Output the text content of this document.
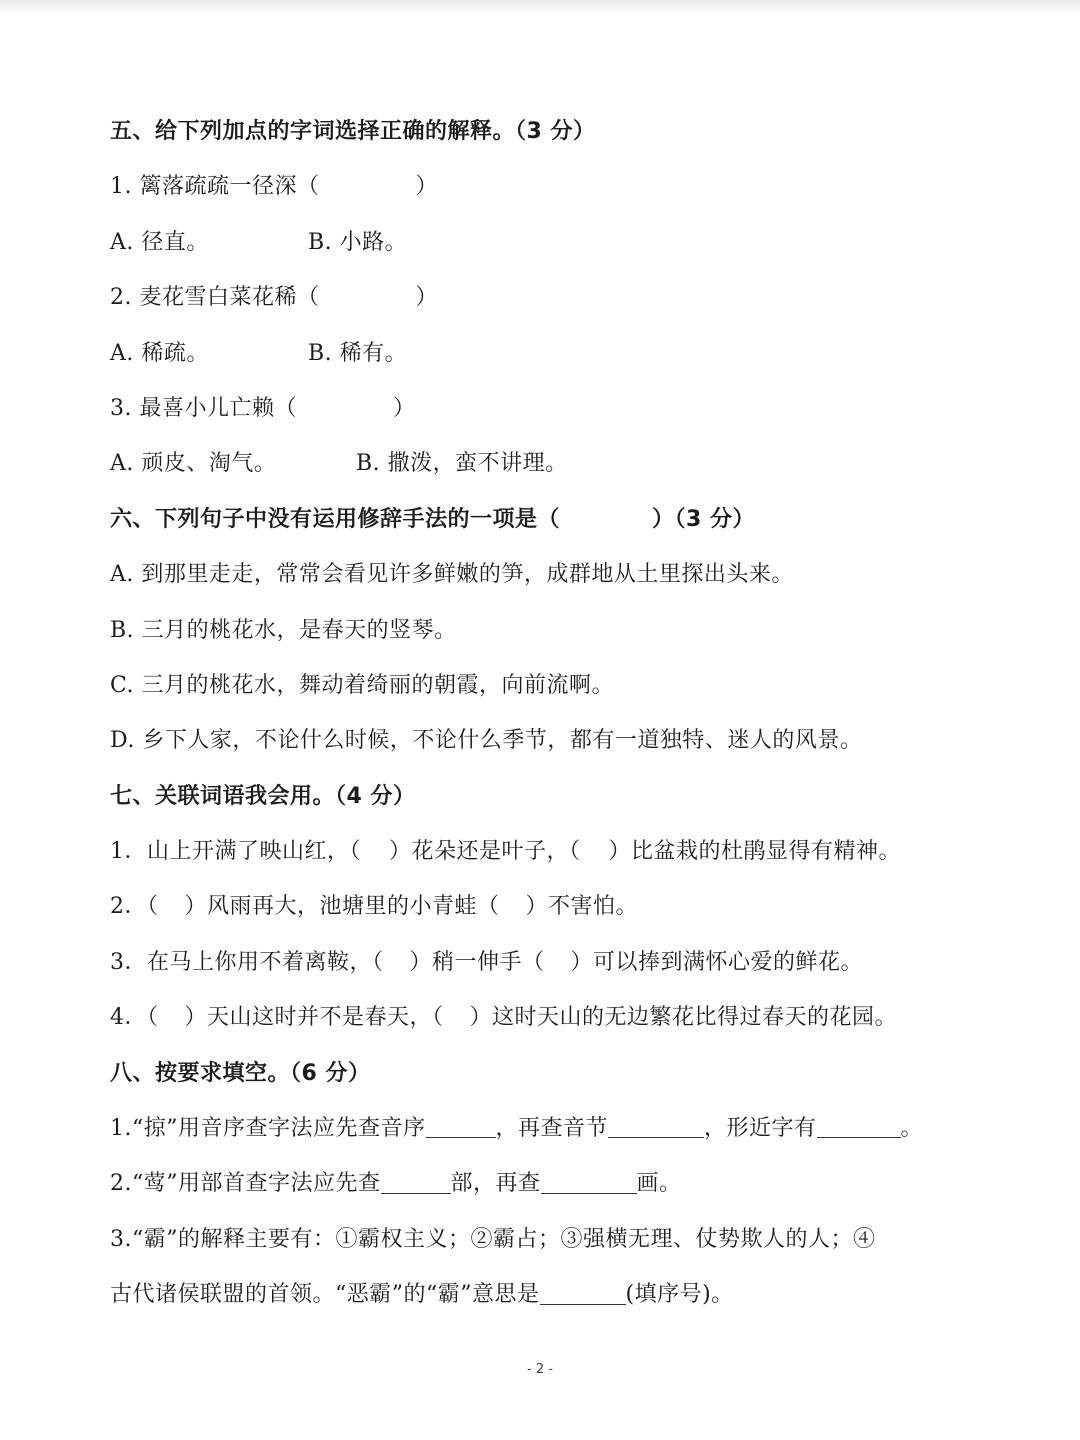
五、给下列加点的字词选择正确的解释。（3 分）
1. 篱落疏疏一径深（	）
A. 径直。	B. 小路。
2. 麦花雪白菜花稀（	）
A. 稀疏。	B. 稀有。
3. 最喜小儿亡赖（	）
A. 顽皮、淘气。	B. 撒泼，蛮不讲理。
六、下列句子中没有运用修辞手法的一项是（	）（3 分）
A. 到那里走走，常常会看见许多鲜嫩的笋，成群地从土里探出头来。
B. 三月的桃花水，是春天的竖琴。
C. 三月的桃花水，舞动着绮丽的朝霞，向前流啊。
D. 乡下人家，不论什么时候，不论什么季节，都有一道独特、迷人的风景。
七、关联词语我会用。（4 分）
1．山上开满了映山红，（ ）花朵还是叶子，（ ）比盆栽的杜鹃显得有精神。
2．（ ）风雨再大，池塘里的小青蛙（ ）不害怕。
3．在马上你用不着离鞍，（ ）稍一伸手（ ）可以捧到满怀心爱的鲜花。
4．（ ）天山这时并不是春天，（ ）这时天山的无边繁花比得过春天的花园。
八、按要求填空。（6 分）
1.“掠”用音序查字法应先查音序	，再查音节	，形近字有	。
2.“莺”用部首查字法应先查	部，再查	画。
3.“霸”的解释主要有：①霸权主义；②霸占；③强横无理、仗势欺人的人；④
古代诸侯联盟的首领。“恶霸”的“霸”意思是	(填序号)。
- 2 -
